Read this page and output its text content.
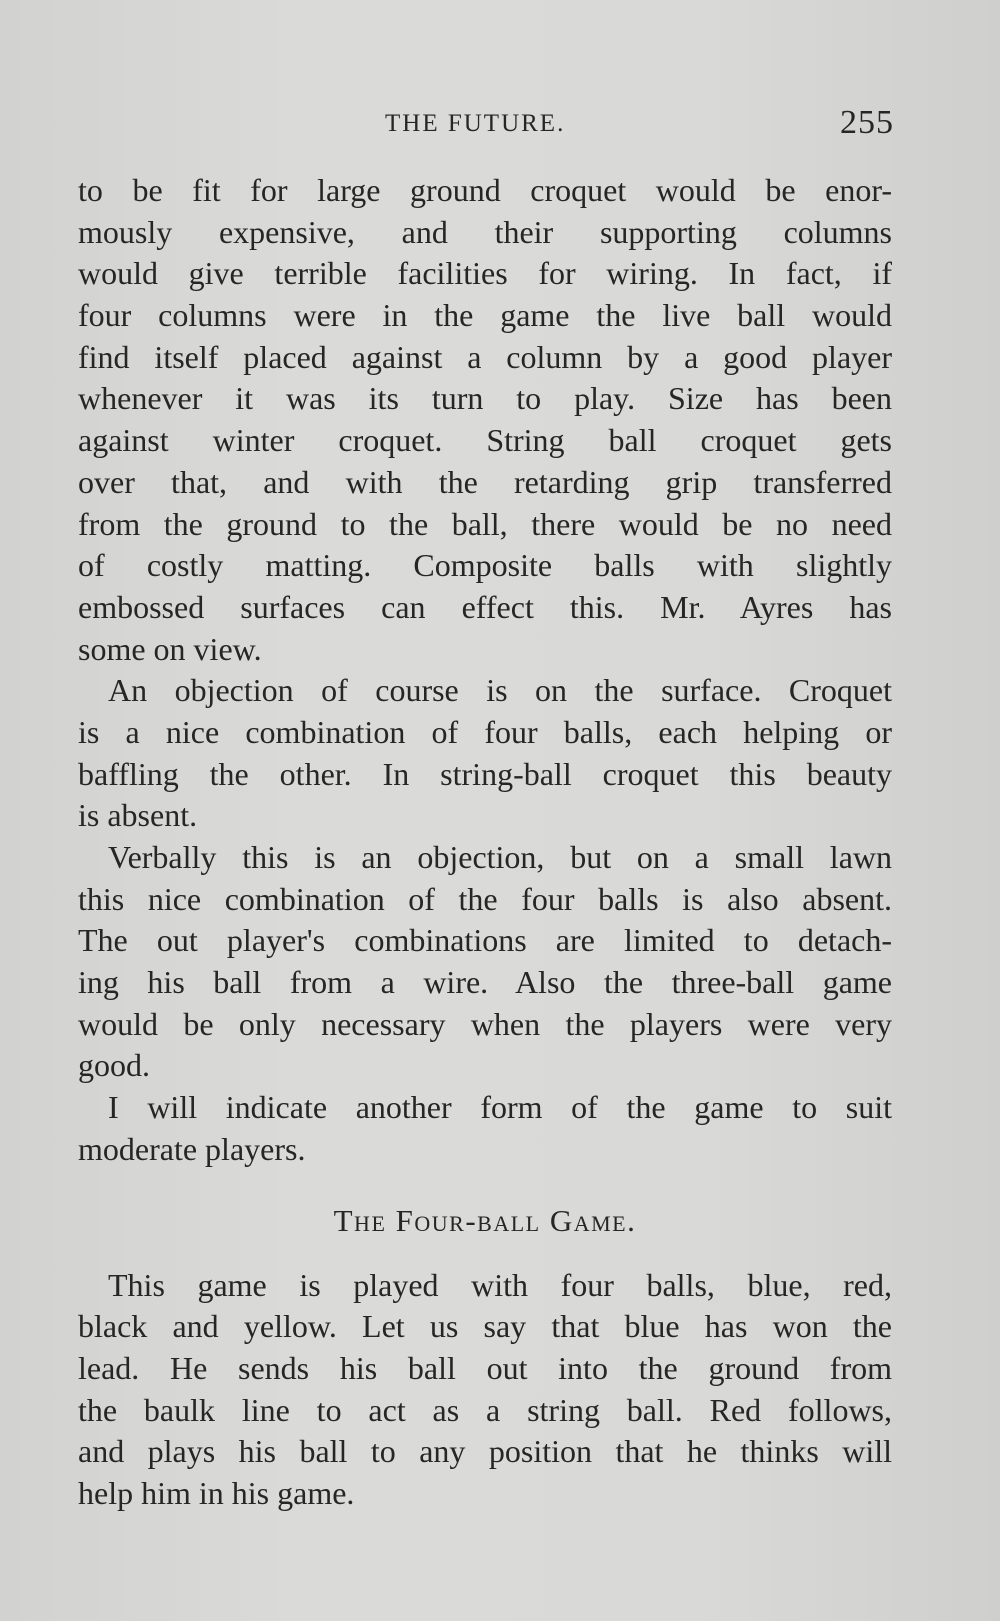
THE FUTURE.	255
to be fit for large ground croquet would be enor-
mously expensive, and their supporting columns
would give terrible facilities for wiring. In fact, if
four columns were in the game the live ball would
find itself placed against a column by a good player
whenever it was its turn to play. Size has been
against winter croquet. String ball croquet gets
over that, and with the retarding grip transferred
from the ground to the ball, there would be no need
of costly matting. Composite balls with slightly
embossed surfaces can effect this. Mr. Ayres has
some on view.
An objection of course is on the surface. Croquet
is a nice combination of four balls, each helping or
baffling the other. In string-ball croquet this beauty
is absent.
Verbally this is an objection, but on a small lawn
this nice combination of the four balls is also absent.
The out player's combinations are limited to detach-
ing his ball from a wire. Also the three-ball game
would be only necessary when the players were very
good.
I will indicate another form of the game to suit
moderate players.
The Four-ball Game.
This game is played with four balls, blue, red,
black and yellow. Let us say that blue has won the
lead. He sends his ball out into the ground from
the baulk line to act as a string ball. Red follows,
and plays his ball to any position that he thinks will
help him in his game.
